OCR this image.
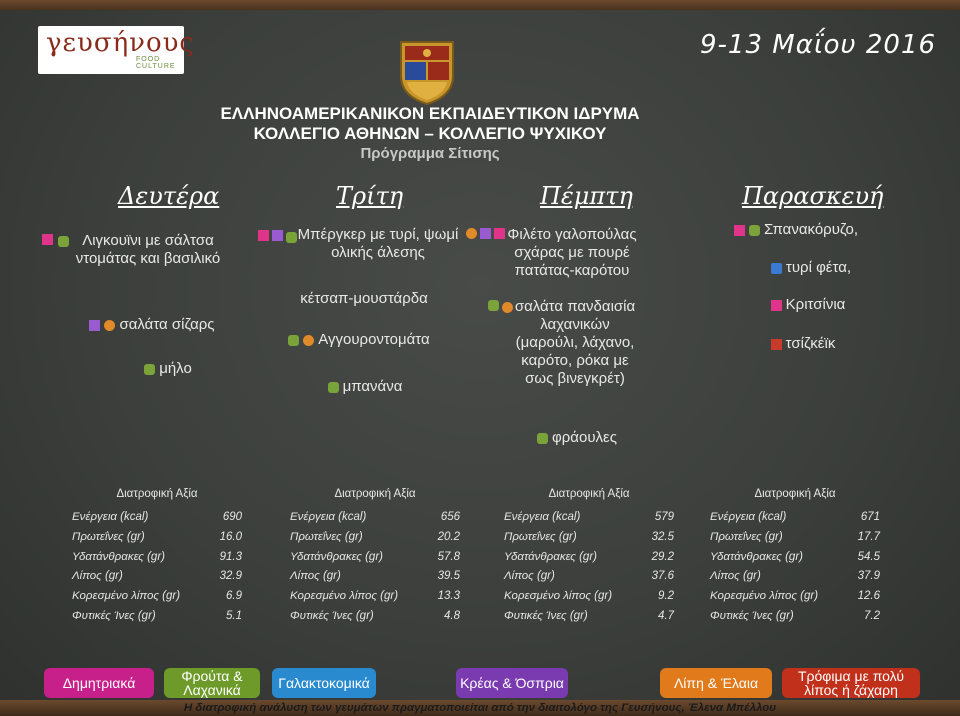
γευσήνους
FOOD CULTURE
9-13 Μαΐου 2016
ΕΛΛΗΝΟΑΜΕΡΙΚΑΝΙΚΟΝ ΕΚΠΑΙΔΕΥΤΙΚΟΝ ΙΔΡΥΜΑ
ΚΟΛΛΕΓΙΟ ΑΘΗΝΩΝ – ΚΟΛΛΕΓΙΟ ΨΥΧΙΚΟΥ
Πρόγραμμα Σίτισης
Δευτέρα	Τρίτη	Πέμπτη	Παρασκευή
Λιγκουϊνι με σάλτσα ντομάτας και βασιλικό
σαλάτα σίζαρς
μήλο
Μπέργκερ με τυρί, ψωμί ολικής άλεσης
κέτσαπ-μουστάρδα
Αγγουροντομάτα
μπανάνα
Φιλέτο γαλοπούλας σχάρας με πουρέ πατάτας-καρότου
σαλάτα πανδαισία λαχανικών (μαρούλι, λάχανο, καρότο, ρόκα με σως βινεγκρέτ)
φράουλες
Σπανακόρυζο,
τυρί φέτα,
Κριτσίνια
τσίζκέϊκ
Διατροφική Αξία
Ενέργεια (kcal)	690
Πρωτεΐνες (gr)	16.0
Υδατάνθρακες (gr)	91.3
Λίπος (gr)	32.9
Κορεσμένο λίπος (gr)	6.9
Φυτικές Ίνες (gr)	5.1
Διατροφική Αξία
Ενέργεια (kcal)	656
Πρωτεΐνες (gr)	20.2
Υδατάνθρακες (gr)	57.8
Λίπος (gr)	39.5
Κορεσμένο λίπος (gr)	13.3
Φυτικές Ίνες (gr)	4.8
Διατροφική Αξία
Ενέργεια (kcal)	579
Πρωτεΐνες (gr)	32.5
Υδατάνθρακες (gr)	29.2
Λίπος (gr)	37.6
Κορεσμένο λίπος (gr)	9.2
Φυτικές Ίνες (gr)	4.7
Διατροφική Αξία
Ενέργεια (kcal)	671
Πρωτεΐνες (gr)	17.7
Υδατάνθρακες (gr)	54.5
Λίπος (gr)	37.9
Κορεσμένο λίπος (gr)	12.6
Φυτικές Ίνες (gr)	7.2
Δημητριακά	Φρούτα & Λαχανικά	Γαλακτοκομικά	Κρέας & Όσπρια	Λίπη & Έλαια	Τρόφιμα με πολύ λίπος ή ζάχαρη
Η διατροφική ανάλυση των γευμάτων πραγματοποιείται από την διαιτολόγο της Γευσήνους, Έλενα Μπέλλου
